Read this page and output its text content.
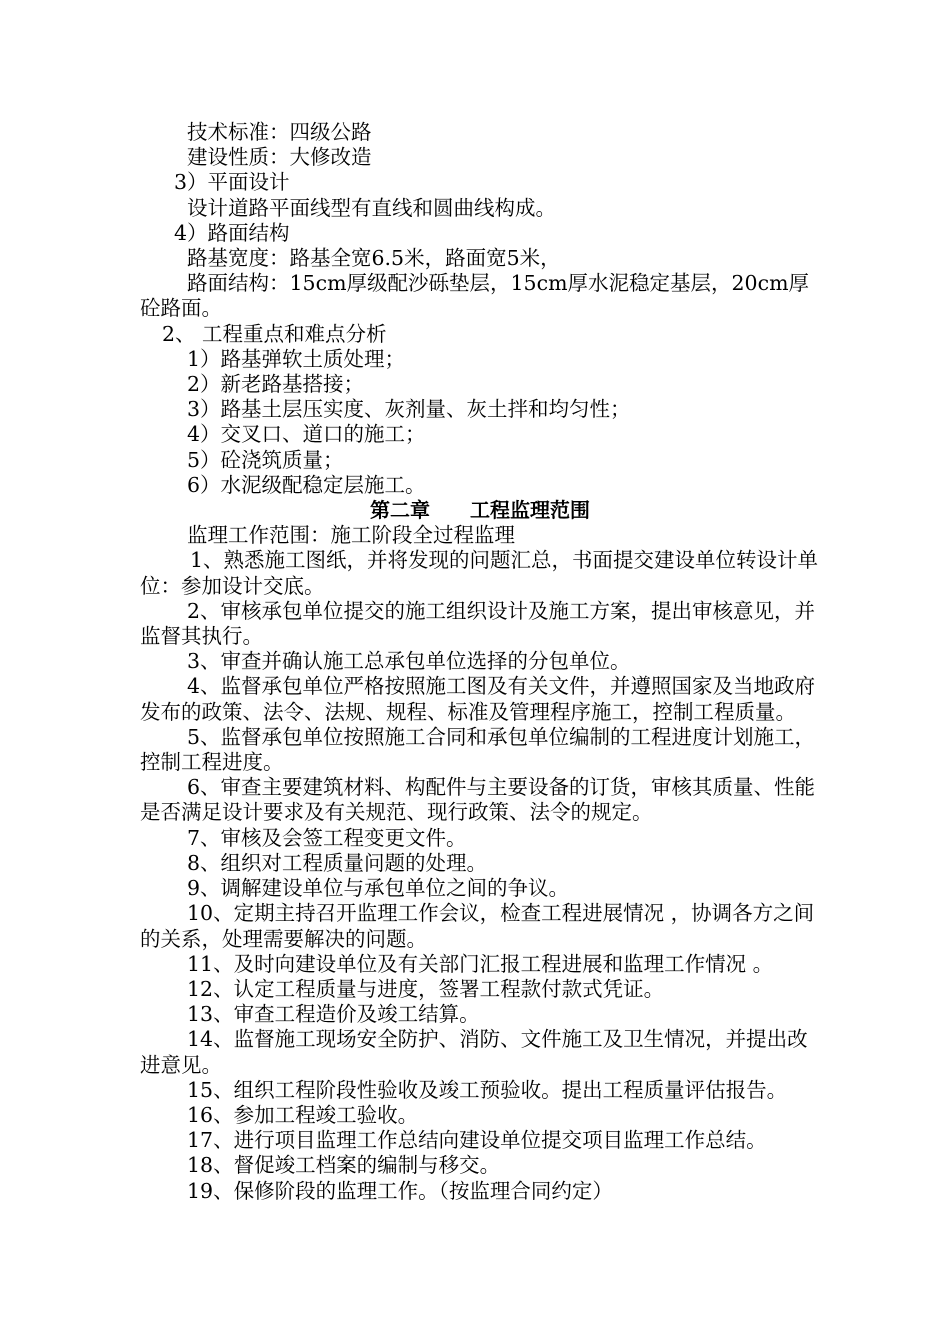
技术标准：四级公路

建设性质：大修改造

3）平面设计

设计道路平面线型有直线和圆曲线构成。

4）路面结构

路基宽度：路基全宽6.5米，路面宽5米，

路面结构：15cm厚级配沙砾垫层，15cm厚水泥稳定基层，20cm厚砼路面。

2、 工程重点和难点分析

1）路基弹软土质处理；

2）新老路基搭接；

3）路基土层压实度、灰剂量、灰土拌和均匀性；

4）交叉口、道口的施工；

5）砼浇筑质量；

6）水泥级配稳定层施工。

第二章 工程监理范围

监理工作范围：施工阶段全过程监理

1、熟悉施工图纸，并将发现的问题汇总，书面提交建设单位转设计单位：参加设计交底。

2、审核承包单位提交的施工组织设计及施工方案，提出审核意见，并监督其执行。

3、审查并确认施工总承包单位选择的分包单位。

4、监督承包单位严格按照施工图及有关文件，并遵照国家及当地政府发布的政策、法令、法规、规程、标准及管理程序施工，控制工程质量。

5、监督承包单位按照施工合同和承包单位编制的工程进度计划施工，控制工程进度。

6、审查主要建筑材料、构配件与主要设备的订货，审核其质量、性能是否满足设计要求及有关规范、现行政策、法令的规定。

7、审核及会签工程变更文件。

8、组织对工程质量问题的处理。

9、调解建设单位与承包单位之间的争议。

10、定期主持召开监理工作会议，检查工程进展情况 ，协调各方之间的关系，处理需要解决的问题。

11、及时向建设单位及有关部门汇报工程进展和监理工作情况 。

12、认定工程质量与进度，签署工程款付款式凭证。

13、审查工程造价及竣工结算。

14、监督施工现场安全防护、消防、文件施工及卫生情况，并提出改进意见。

15、组织工程阶段性验收及竣工预验收。提出工程质量评估报告。

16、参加工程竣工验收。

17、进行项目监理工作总结向建设单位提交项目监理工作总结。

18、督促竣工档案的编制与移交。

19、保修阶段的监理工作。（按监理合同约定）
